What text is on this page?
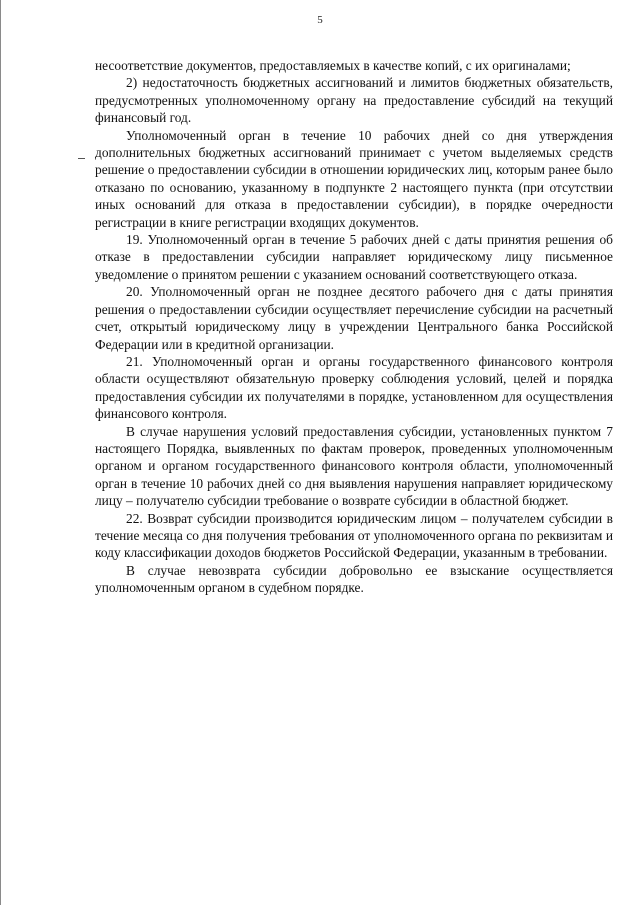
5

несоответствие документов, предоставляемых в качестве копий, с их оригиналами;

2) недостаточность бюджетных ассигнований и лимитов бюджетных обязательств, предусмотренных уполномоченному органу на предоставление субсидий на текущий финансовый год.

Уполномоченный орган в течение 10 рабочих дней со дня утверждения дополнительных бюджетных ассигнований принимает с учетом выделяемых средств решение о предоставлении субсидии в отношении юридических лиц, которым ранее было отказано по основанию, указанному в подпункте 2 настоящего пункта (при отсутствии иных оснований для отказа в предоставлении субсидии), в порядке очередности регистрации в книге регистрации входящих документов.

19. Уполномоченный орган в течение 5 рабочих дней с даты принятия решения об отказе в предоставлении субсидии направляет юридическому лицу письменное уведомление о принятом решении с указанием оснований соответствующего отказа.

20. Уполномоченный орган не позднее десятого рабочего дня с даты принятия решения о предоставлении субсидии осуществляет перечисление субсидии на расчетный счет, открытый юридическому лицу в учреждении Центрального банка Российской Федерации или в кредитной организации.

21. Уполномоченный орган и органы государственного финансового контроля области осуществляют обязательную проверку соблюдения условий, целей и порядка предоставления субсидии их получателями в порядке, установленном для осуществления финансового контроля.

В случае нарушения условий предоставления субсидии, установленных пунктом 7 настоящего Порядка, выявленных по фактам проверок, проведенных уполномоченным органом и органом государственного финансового контроля области, уполномоченный орган в течение 10 рабочих дней со дня выявления нарушения направляет юридическому лицу – получателю субсидии требование о возврате субсидии в областной бюджет.

22. Возврат субсидии производится юридическим лицом – получателем субсидии в течение месяца со дня получения требования от уполномоченного органа по реквизитам и коду классификации доходов бюджетов Российской Федерации, указанным в требовании.

В случае невозврата субсидии добровольно ее взыскание осуществляется уполномоченным органом в судебном порядке.
